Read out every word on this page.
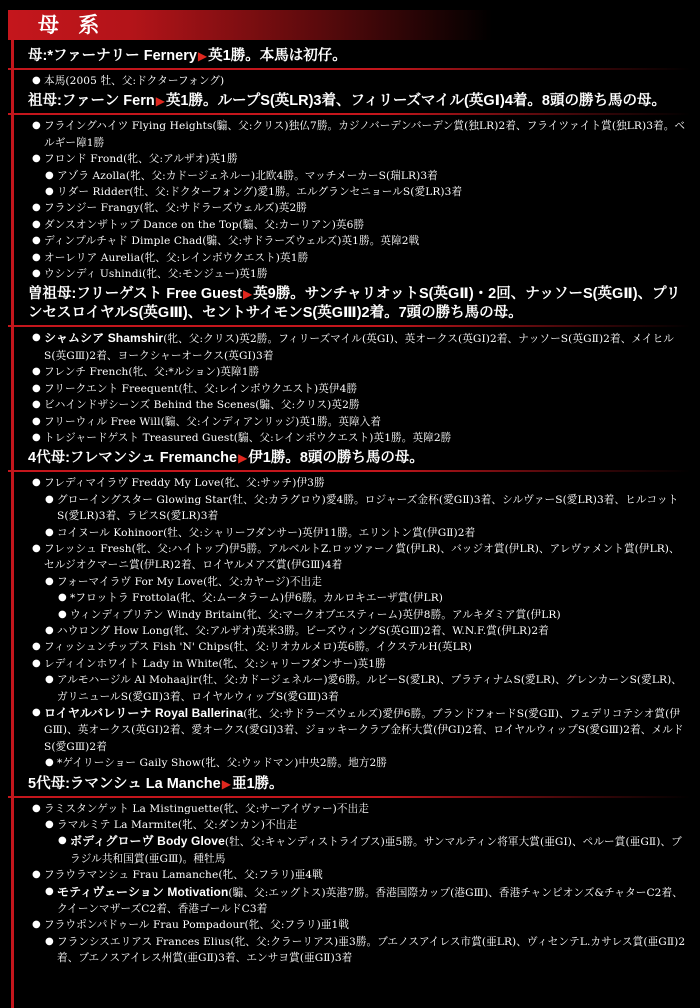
母 系
母:*ファーナリー Fernery▶英1勝。本馬は初仔。
● 本馬(2005 牡、父:ドクターフォング)
祖母:ファーン Fern▶英1勝。ループS(英LR)3着、フィリーズマイル(英GⅠ)4着。8頭の勝ち馬の母。
● フライングハイツ Flying Heights(騸、父:クリス)独仏7勝。カジノバーデンバーデン賞(独LR)2着、フライツァイト賞(独LR)3着。ベルギー障1勝
● フロンド Frond(牝、父:アルザオ)英1勝
● アゾラ Azolla(牝、父:カドージェネルー)北欧4勝。マッチメーカーS(瑞LR)3着
● リダー Ridder(牡、父:ドクターフォング)愛1勝。エルグランセニョールS(愛LR)3着
● フランジー Frangy(牝、父:サドラーズウェルズ)英2勝
● ダンスオンザトップ Dance on the Top(騸、父:カーリアン)英6勝
● ディンプルチャド Dimple Chad(騸、父:サドラーズウェルズ)英1勝。英障2戦
● オーレリア Aurelia(牝、父:レインボウクエスト)英1勝
● ウシンディ Ushindi(牝、父:モンジュー)英1勝
曽祖母:フリーゲスト Free Guest▶英9勝。サンチャリオットS(英GⅡ)・2回、ナッソーS(英GⅡ)、プリンセスロイヤルS(英GⅢ)、セントサイモンS(英GⅢ)2着。7頭の勝ち馬の母。
● シャムシア Shamshir(牝、父:クリス)英2勝。フィリーズマイル(英GⅠ)、英オークス(英GⅠ)2着、ナッソーS(英GⅡ)2着、メイヒルS(英GⅢ)2着、ヨークシャーオークス(英GⅠ)3着
● フレンチ French(牝、父:*ルション)英障1勝
● フリークエント Freequent(牡、父:レインボウクエスト)英伊4勝
● ビハインドザシーンズ Behind the Scenes(騸、父:クリス)英2勝
● フリーウィル Free Will(騸、父:インディアンリッジ)英1勝。英障入着
● トレジャードゲスト Treasured Guest(騸、父:レインボウクエスト)英1勝。英障2勝
4代母:フレマンシュ Fremanche▶伊1勝。8頭の勝ち馬の母。
● フレディマイラヴ Freddy My Love(牝、父:サッチ)伊3勝
● グローイングスター Glowing Star(牡、父:カラグロウ)愛4勝。ロジャーズ金杯(愛GⅡ)3着、シルヴァーS(愛LR)3着、ヒルコットS(愛LR)3着、ラピスS(愛LR)3着
● コイヌール Kohinoor(牡、父:シャリーフダンサー)英伊11勝。エリントン賞(伊GⅡ)2着
● フレッシュ Fresh(牝、父:ハイトップ)伊5勝。アルベルトZ.ロッツァーノ賞(伊LR)、バッジオ賞(伊LR)、アレヴァメント賞(伊LR)、セルジオクマーニ賞(伊LR)2着、ロイヤルメアズ賞(伊GⅢ)4着
● フォーマイラヴ For My Love(牝、父:カヤージ)不出走
● *フロットラ Frottola(牝、父:ムータラーム)伊6勝。カルロキエーザ賞(伊LR)
● ウィンディブリテン Windy Britain(牝、父:マークオブエスティーム)英伊8勝。アルキダミア賞(伊LR)
● ハウロング How Long(牝、父:アルザオ)英米3勝。ビーズウィングS(英GⅢ)2着、W.N.F.賞(伊LR)2着
● フィッシュンチップス Fish 'N' Chips(牡、父:リオカルメロ)英6勝。イクステルH(英LR)
● レディインホワイト Lady in White(牝、父:シャリーフダンサー)英1勝
● アルモハージル Al Mohaajir(牡、父:カドージェネルー)愛6勝。ルビーS(愛LR)、プラティナムS(愛LR)、グレンカーンS(愛LR)、ガリニュールS(愛GⅡ)3着、ロイヤルウィップS(愛GⅢ)3着
● ロイヤルバレリーナ Royal Ballerina(牝、父:サドラーズウェルズ)愛伊6勝。ブランドフォードS(愛GⅡ)、フェデリコテシオ賞(伊GⅢ)、英オークス(英GⅠ)2着、愛オークス(愛GⅠ)3着、ジョッキークラブ金杯大賞(伊GⅠ)2着、ロイヤルウィップS(愛GⅢ)2着、メルドS(愛GⅢ)2着
● *ゲイリーショー Gaily Show(牝、父:ウッドマン)中央2勝。地方2勝
5代母:ラマンシュ La Manche▶亜1勝。
● ラミスタンゲット La Mistinguette(牝、父:サーアイヴァー)不出走
● ラマルミテ La Marmite(牝、父:ダンカン)不出走
● ボディグローヴ Body Glove(牡、父:キャンディストライプス)亜5勝。サンマルティン将軍大賞(亜GⅠ)、ペルー賞(亜GⅡ)、ブラジル共和国賞(亜GⅢ)。種牡馬
● フラウラマンシュ Frau Lamanche(牝、父:フラリ)亜4戦
● モティヴェーション Motivation(騸、父:エッグトス)英港7勝。香港国際カップ(港GⅢ)、香港チャンピオンズ&チャターC2着、クイーンマザーズC2着、香港ゴールドC3着
● フラウポンパドゥール Frau Pompadour(牝、父:フラリ)亜1戦
● フランシスエリアス Frances Elius(牝、父:クラーリアス)亜3勝。ブエノスアイレス市賞(亜LR)、ヴィセンテL.カサレス賞(亜GⅡ)2着、ブエノスアイレス州賞(亜GⅡ)3着、エンサヨ賞(亜GⅡ)3着
